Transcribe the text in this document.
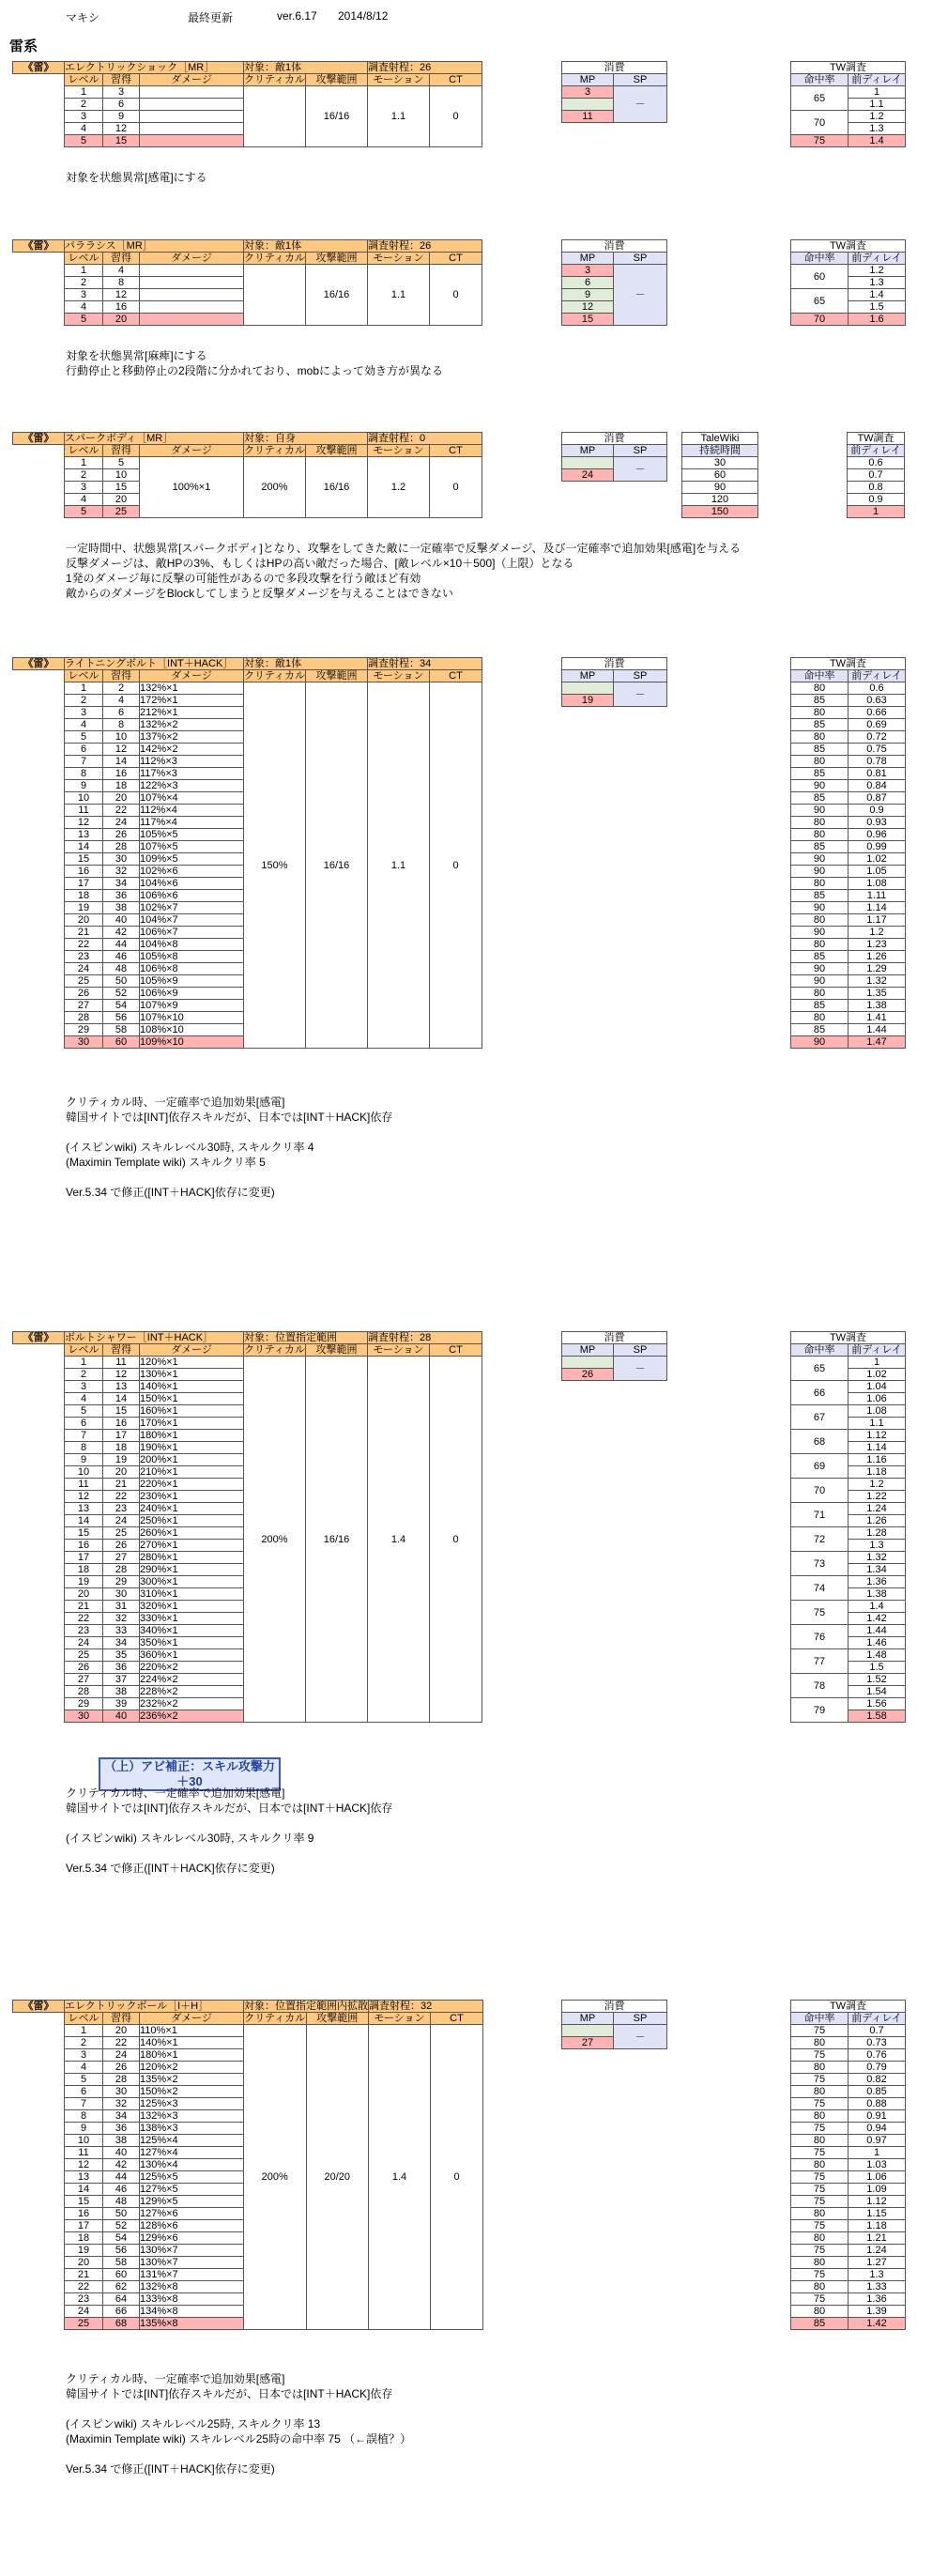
マキシ	最終更新	ver.6.17 2014/8/12
雷系
《雷》	エレクトリックショック［MR］			対象：敵1体		調査射程：26	
	レベル	習得	ダメージ	クリティカル	攻撃範囲	モーション	CT
	1	3			16/16	1.1	0
	2	6					
	3	9					
	4	12					
	5	15					
消費	
MP	SP
3	－

11	
TW調査	
命中率	前ディレイ
65	1
	1.1
70	1.2
	1.3
75	1.4
対象を状態異常[感電]にする
《雷》	パララシス［MR］			対象：敵1体		調査射程：26	
	レベル	習得	ダメージ	クリティカル	攻撃範囲	モーション	CT
	1	4			16/16	1.1	0
	2	8					
	3	12					
	4	16					
	5	20					
消費	
MP	SP
3	－
6	
9	
12	
15	
TW調査	
命中率	前ディレイ
60	1.2
	1.3
65	1.4
	1.5
70	1.6
対象を状態異常[麻痺]にする
行動停止と移動停止の2段階に分かれており、mobによって効き方が異なる
《雷》	スパークボディ［MR］			対象：自身		調査射程：0	
	レベル	習得	ダメージ	クリティカル	攻撃範囲	モーション	CT
	1	5	100%×1	200%	16/16	1.2	0
	2	10					
	3	15					
	4	20					
	5	25					
消費	
MP	SP
	－

24	
TaleWiki
持続時間
30
60
90
120
150
TW調査
前ディレイ
0.6
0.7
0.8
0.9
1
一定時間中、状態異常[スパークボディ]となり、攻撃をしてきた敵に一定確率で反撃ダメージ、及び一定確率で追加効果[感電]を与える
反撃ダメージは、敵HPの3%、もしくはHPの高い敵だった場合、[敵レベル×10＋500]（上限）となる
1発のダメージ毎に反撃の可能性があるので多段攻撃を行う敵ほど有効
敵からのダメージをBlockしてしまうと反撃ダメージを与えることはできない
《雷》	ライトニングボルト［INT＋HACK］			対象：敵1体		調査射程：34	
	レベル	習得	ダメージ	クリティカル	攻撃範囲	モーション	CT
	1	2	132%×1	150%	16/16	1.1	0
	2	4	172%×1				
	3	6	212%×1				
	4	8	132%×2				
	5	10	137%×2				
	6	12	142%×2				
	7	14	112%×3				
	8	16	117%×3				
	9	18	122%×3				
	10	20	107%×4				
	11	22	112%×4				
	12	24	117%×4				
	13	26	105%×5				
	14	28	107%×5				
	15	30	109%×5				
	16	32	102%×6				
	17	34	104%×6				
	18	36	106%×6				
	19	38	102%×7				
	20	40	104%×7				
	21	42	106%×7				
	22	44	104%×8				
	23	46	105%×8				
	24	48	106%×8				
	25	50	105%×9				
	26	52	106%×9				
	27	54	107%×9				
	28	56	107%×10				
	29	58	108%×10				
	30	60	109%×10				
消費	
MP	SP
	－

19	
TW調査	
命中率	前ディレイ
80	0.6
85	0.63
80	0.66
85	0.69
80	0.72
85	0.75
80	0.78
85	0.81
90	0.84
85	0.87
90	0.9
80	0.93
80	0.96
85	0.99
90	1.02
90	1.05
80	1.08
85	1.11
90	1.14
80	1.17
90	1.2
80	1.23
85	1.26
90	1.29
90	1.32
80	1.35
85	1.38
80	1.41
85	1.44
90	1.47
クリティカル時、一定確率で追加効果[感電]
韓国サイトでは[INT]依存スキルだが、日本では[INT＋HACK]依存
(イスピンwiki) スキルレベル30時, スキルクリ率 4
(Maximin Template wiki) スキルクリ率 5
Ver.5.34 で修正([INT＋HACK]依存に変更)
《雷》	ボルトシャワー［INT＋HACK］			対象：位置指定範囲		調査射程：28	
	レベル	習得	ダメージ	クリティカル	攻撃範囲	モーション	CT
	1	11	120%×1	200%	16/16	1.4	0
	2	12	130%×1				
	3	13	140%×1				
	4	14	150%×1				
	5	15	160%×1				
	6	16	170%×1				
	7	17	180%×1				
	8	18	190%×1				
	9	19	200%×1				
	10	20	210%×1				
	11	21	220%×1				
	12	22	230%×1				
	13	23	240%×1				
	14	24	250%×1				
	15	25	260%×1				
	16	26	270%×1				
	17	27	280%×1				
	18	28	290%×1				
	19	29	300%×1				
	20	30	310%×1				
	21	31	320%×1				
	22	32	330%×1				
	23	33	340%×1				
	24	34	350%×1				
	25	35	360%×1				
	26	36	220%×2				
	27	37	224%×2				
	28	38	228%×2				
	29	39	232%×2				
	30	40	236%×2				
消費	
MP	SP
	－

26	
TW調査	
命中率	前ディレイ
65	1
	1.02
66	1.04
	1.06
67	1.08
	1.1
68	1.12
	1.14
69	1.16
	1.18
70	1.2
	1.22
71	1.24
	1.26
72	1.28
	1.3
73	1.32
	1.34
74	1.36
	1.38
75	1.4
	1.42
76	1.44
	1.46
77	1.48
	1.5
78	1.52
	1.54
79	1.56
	1.58
（上）アビ補正：スキル攻撃力＋30
クリティカル時、一定確率で追加効果[感電]
韓国サイトでは[INT]依存スキルだが、日本では[INT＋HACK]依存
(イスピンwiki) スキルレベル30時, スキルクリ率 9
Ver.5.34 で修正([INT＋HACK]依存に変更)
《雷》	エレクトリックボール［I＋H］			対象：位置指定範囲内拡散		調査射程：32	
	レベル	習得	ダメージ	クリティカル	攻撃範囲	モーション	CT
	1	20	110%×1	200%	20/20	1.4	0
	2	22	140%×1				
	3	24	180%×1				
	4	26	120%×2				
	5	28	135%×2				
	6	30	150%×2				
	7	32	125%×3				
	8	34	132%×3				
	9	36	138%×3				
	10	38	125%×4				
	11	40	127%×4				
	12	42	130%×4				
	13	44	125%×5				
	14	46	127%×5				
	15	48	129%×5				
	16	50	127%×6				
	17	52	128%×6				
	18	54	129%×6				
	19	56	130%×7				
	20	58	130%×7				
	21	60	131%×7				
	22	62	132%×8				
	23	64	133%×8				
	24	66	134%×8				
	25	68	135%×8				
消費	
MP	SP
	－

27	
TW調査	
命中率	前ディレイ
75	0.7
80	0.73
75	0.76
80	0.79
75	0.82
80	0.85
75	0.88
80	0.91
75	0.94
80	0.97
75	1
80	1.03
75	1.06
75	1.09
75	1.12
80	1.15
75	1.18
80	1.21
75	1.24
80	1.27
75	1.3
80	1.33
75	1.36
80	1.39
85	1.42
クリティカル時、一定確率で追加効果[感電]
韓国サイトでは[INT]依存スキルだが、日本では[INT＋HACK]依存
(イスピンwiki) スキルレベル25時, スキルクリ率 13
(Maximin Template wiki) スキルレベル25時の命中率 75 （←誤植？）
Ver.5.34 で修正([INT＋HACK]依存に変更)
